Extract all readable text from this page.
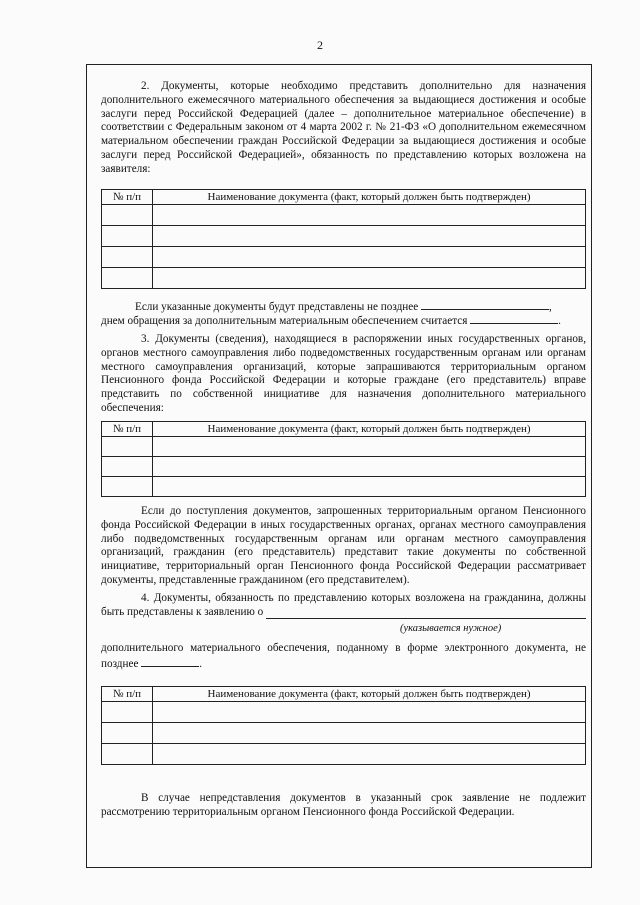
2

2. Документы, которые необходимо представить дополнительно для назначения дополнительного ежемесячного материального обеспечения за выдающиеся достижения и особые заслуги перед Российской Федерацией (далее – дополнительное материальное обеспечение) в соответствии с Федеральным законом от 4 марта 2002 г. № 21-ФЗ «О дополнительном ежемесячном материальном обеспечении граждан Российской Федерации за выдающиеся достижения и особые заслуги перед Российской Федерацией», обязанность по представлению которых возложена на заявителя:

№ п/п	Наименование документа (факт, который должен быть подтвержден)

Если указанные документы будут представлены не позднее	,

днем обращения за дополнительным материальным обеспечением считается	.

3. Документы (сведения), находящиеся в распоряжении иных государственных органов, органов местного самоуправления либо подведомственных государственным органам или органам местного самоуправления организаций, которые запрашиваются территориальным органом Пенсионного фонда Российской Федерации и которые граждане (его представитель) вправе представить по собственной инициативе для назначения дополнительного материального обеспечения:

№ п/п	Наименование документа (факт, который должен быть подтвержден)

Если до поступления документов, запрошенных территориальным органом Пенсионного фонда Российской Федерации в иных государственных органах, органах местного самоуправления либо подведомственных государственным органам или органам местного самоуправления организаций, гражданин (его представитель) представит такие документы по собственной инициативе, территориальный орган Пенсионного фонда Российской Федерации рассматривает документы, представленные гражданином (его представителем).

4. Документы, обязанность по представлению которых возложена на гражданина, должны быть представлены к заявлению о

(указывается нужное)

дополнительного материального обеспечения, поданному в форме электронного документа, не позднее	.

№ п/п	Наименование документа (факт, который должен быть подтвержден)

В случае непредставления документов в указанный срок заявление не подлежит рассмотрению территориальным органом Пенсионного фонда Российской Федерации.
